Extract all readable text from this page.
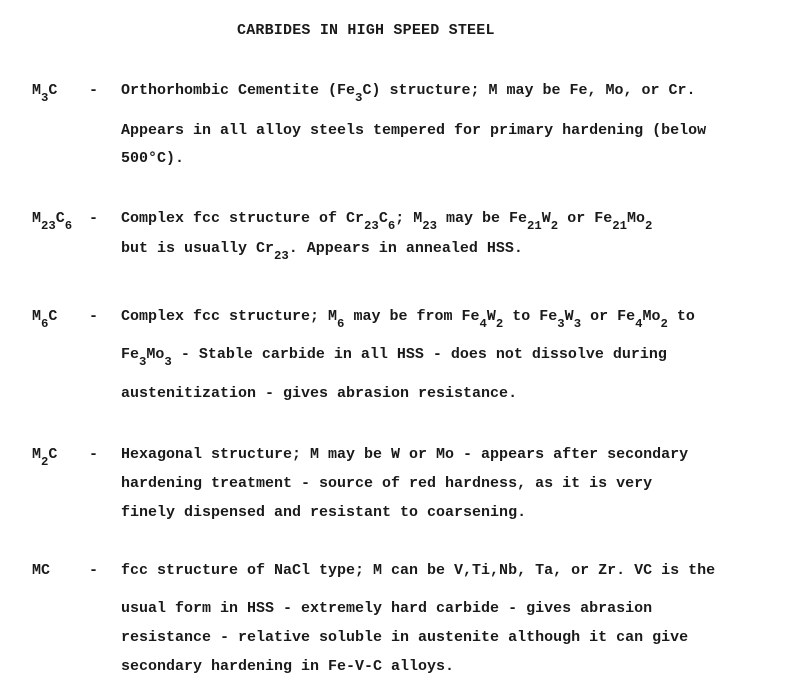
CARBIDES IN HIGH SPEED STEEL
$M_3C$ - Orthorhombic Cementite $(Fe_3C)$ structure; M may be Fe, Mo, or Cr.
Appears in all alloy steels tempered for primary hardening (below
500°C).
$M_{23}C_6$ - Complex fcc structure of $Cr_{23}C_6$; $M_{23}$ may be $Fe_{21}W_2$ or $Fe_{21}Mo_2$
but is usually $Cr_{23}$. Appears in annealed HSS.
$M_6C$ - Complex fcc structure; $M_6$ may be from $Fe_4W_2$ to $Fe_3W_3$ or $Fe_4Mo_2$ to
$Fe_3Mo_3$ - Stable carbide in all HSS - does not dissolve during
austenitization - gives abrasion resistance.
$M_2C$ - Hexagonal structure; M may be W or Mo - appears after secondary
hardening treatment - source of red hardness, as it is very
finely dispensed and resistant to coarsening.
MC	- fcc structure of NaCl type; M can be V,Ti,Nb, Ta, or Zr. VC is the
usual form in HSS - extremely hard carbide - gives abrasion
resistance - relative soluble in austenite although it can give
secondary hardening in Fe-V-C alloys.
